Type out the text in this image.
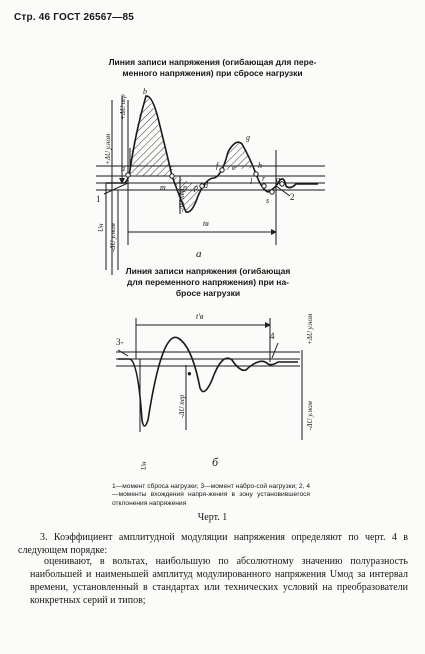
Стр. 46 ГОСТ 26567—85
Линия записи напряжения (огибающая для пере-
менного напряжения) при сбросе нагрузки
Линия записи напряжения (огибающая
для переменного напряжения) при на-
бросе нагрузки
b
a	c
m n p d
f e
g
h
l r
s
q
1	2
+ΔU пер
+ΔU у.ном
Uн -ΔU у.ном
-ΔU пер
tв
а
3-
4
t'в
●
Uн
-ΔU пер
+ΔU у.ном
-ΔU у.ном
б
1—момент сброса нагрузки; 3—момент набро-сой нагрузки; 2, 4—моменты вхождения напря-жения в зону установившегося отклонения напряжения
Черт. 1
3. Коэффициент амплитудной модуляции напряжения определяют по черт. 4 в следующем порядке:
оценивают, в вольтах, наибольшую по абсолютному значению полуразность наибольшей и наименьшей амплитуд модулированного напряжения Uмод за интервал времени, установленный в стандартах или технических условий на преобразователи конкретных серий и типов;
